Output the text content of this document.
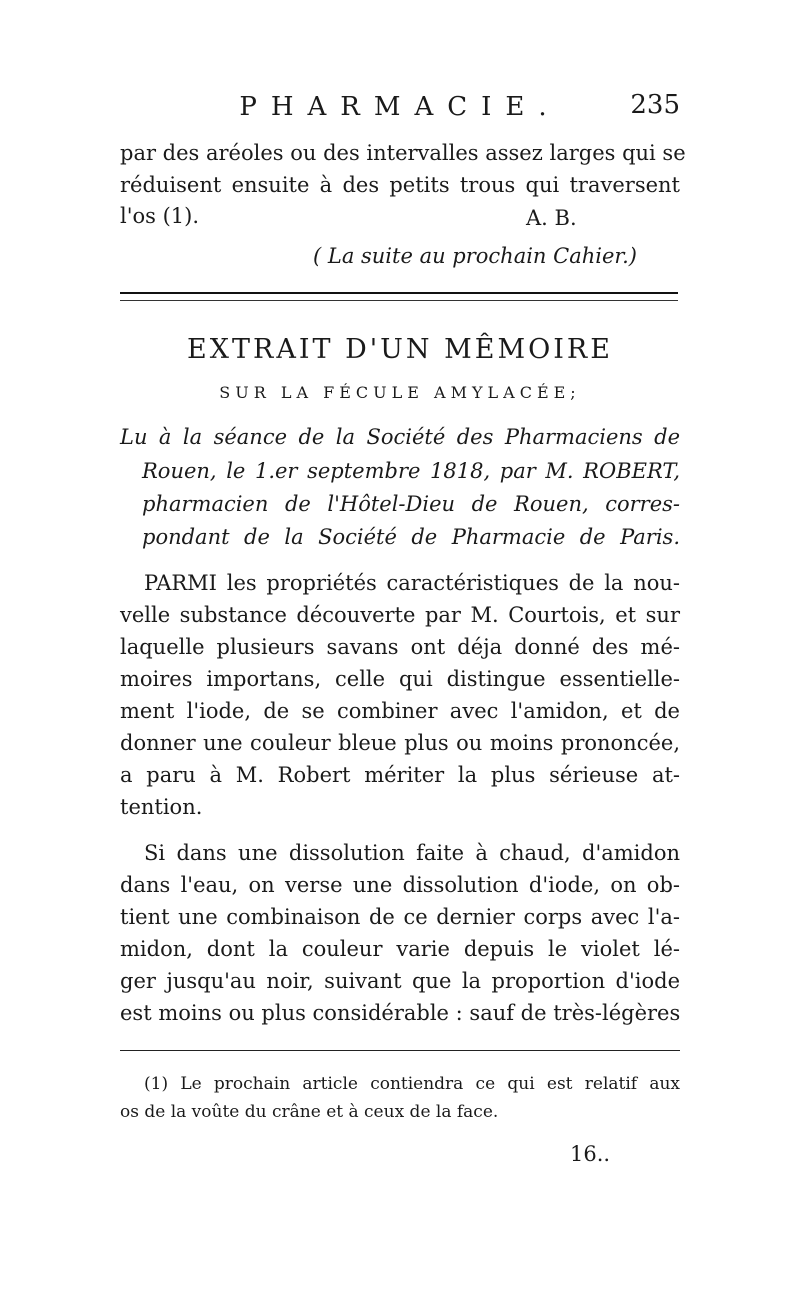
PHARMACIE.	235
par des aréoles ou des intervalles assez larges qui se
réduisent ensuite à des petits trous qui traversent
l'os (1).	A. B.
( La suite au prochain Cahier.)
EXTRAIT D'UN MÊMOIRE
SUR LA FÉCULE AMYLACÉE;
Lu à la séance de la Société des Pharmaciens de
Rouen, le 1.er septembre 1818, par M. ROBERT,
pharmacien de l'Hôtel-Dieu de Rouen, corres-
pondant de la Société de Pharmacie de Paris.
PARMI les propriétés caractéristiques de la nou-
velle substance découverte par M. Courtois, et sur
laquelle plusieurs savans ont déja donné des mé-
moires importans, celle qui distingue essentielle-
ment l'iode, de se combiner avec l'amidon, et de
donner une couleur bleue plus ou moins prononcée,
a paru à M. Robert mériter la plus sérieuse at-
tention.
Si dans une dissolution faite à chaud, d'amidon
dans l'eau, on verse une dissolution d'iode, on ob-
tient une combinaison de ce dernier corps avec l'a-
midon, dont la couleur varie depuis le violet lé-
ger jusqu'au noir, suivant que la proportion d'iode
est moins ou plus considérable : sauf de très-légères
(1) Le prochain article contiendra ce qui est relatif aux
os de la voûte du crâne et à ceux de la face.
16..
